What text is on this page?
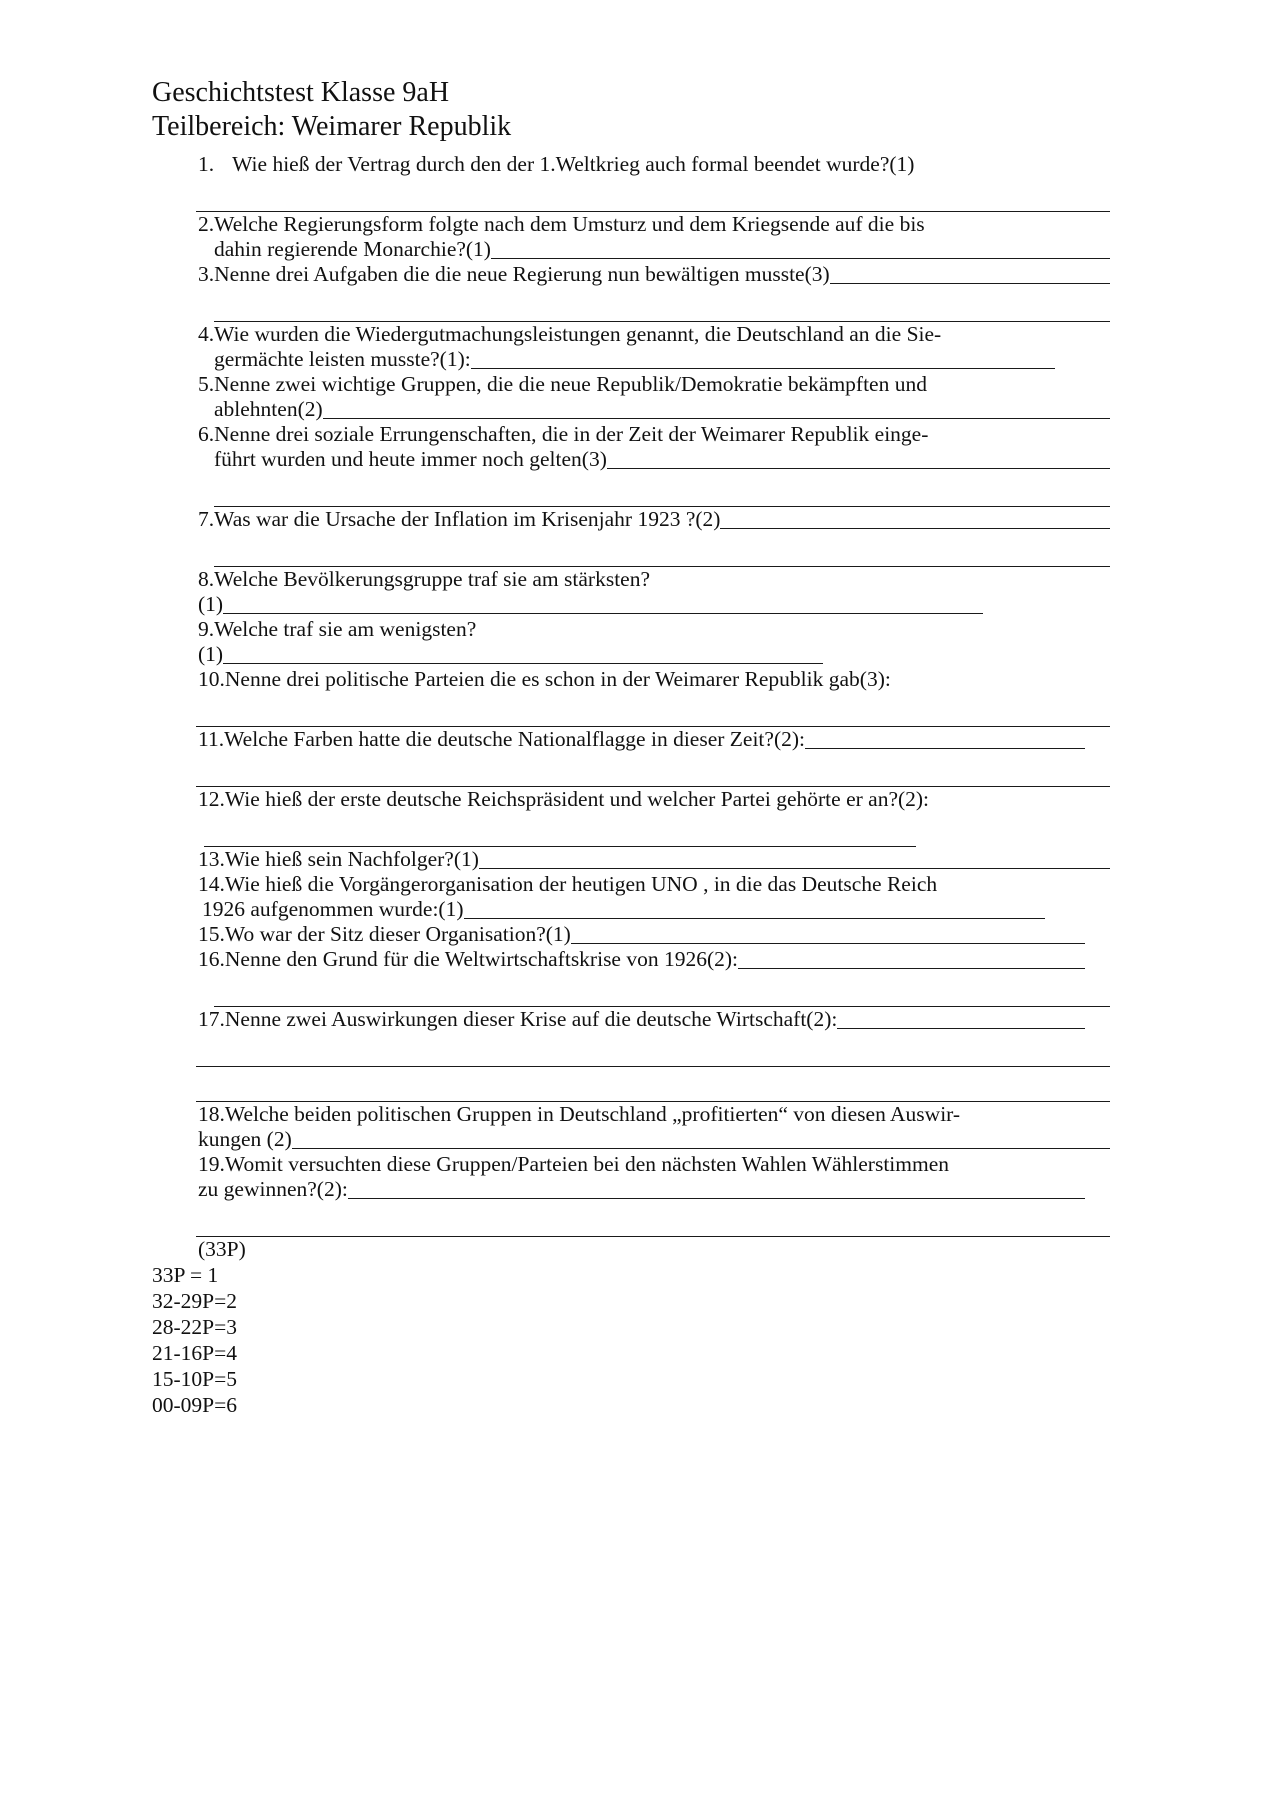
Geschichtstest Klasse 9aH
Teilbereich: Weimarer Republik
1. Wie hieß der Vertrag durch den der 1.Weltkrieg auch formal beendet wurde?(1)
2.Welche Regierungsform folgte nach dem Umsturz und dem Kriegsende auf die bis
dahin regierende Monarchie?(1)
3.Nenne drei Aufgaben die die neue Regierung nun bewältigen musste(3)
4.Wie wurden die Wiedergutmachungsleistungen genannt, die Deutschland an die Sie-
germächte leisten musste?(1):
5.Nenne zwei wichtige Gruppen, die die neue Republik/Demokratie bekämpften und
ablehnten(2)
6.Nenne drei soziale Errungenschaften, die in der Zeit der Weimarer Republik einge-
führt wurden und heute immer noch gelten(3)
7.Was war die Ursache der Inflation im Krisenjahr 1923 ?(2)
8.Welche Bevölkerungsgruppe traf sie am stärksten?
(1)
9.Welche traf sie am wenigsten?
(1)
10.Nenne drei politische Parteien die es schon in der Weimarer Republik gab(3):
11.Welche Farben hatte die deutsche Nationalflagge in dieser Zeit?(2):
12.Wie hieß der erste deutsche Reichspräsident und welcher Partei gehörte er an?(2):
13.Wie hieß sein Nachfolger?(1)
14.Wie hieß die Vorgängerorganisation der heutigen UNO , in die das Deutsche Reich
1926 aufgenommen wurde:(1)
15.Wo war der Sitz dieser Organisation?(1)
16.Nenne den Grund für die Weltwirtschaftskrise von 1926(2):
17.Nenne zwei Auswirkungen dieser Krise auf die deutsche Wirtschaft(2):
18.Welche beiden politischen Gruppen in Deutschland „profitierten“ von diesen Auswir-
kungen (2)
19.Womit versuchten diese Gruppen/Parteien bei den nächsten Wahlen Wählerstimmen
zu gewinnen?(2):
(33P)
33P = 1
32-29P=2
28-22P=3
21-16P=4
15-10P=5
00-09P=6
